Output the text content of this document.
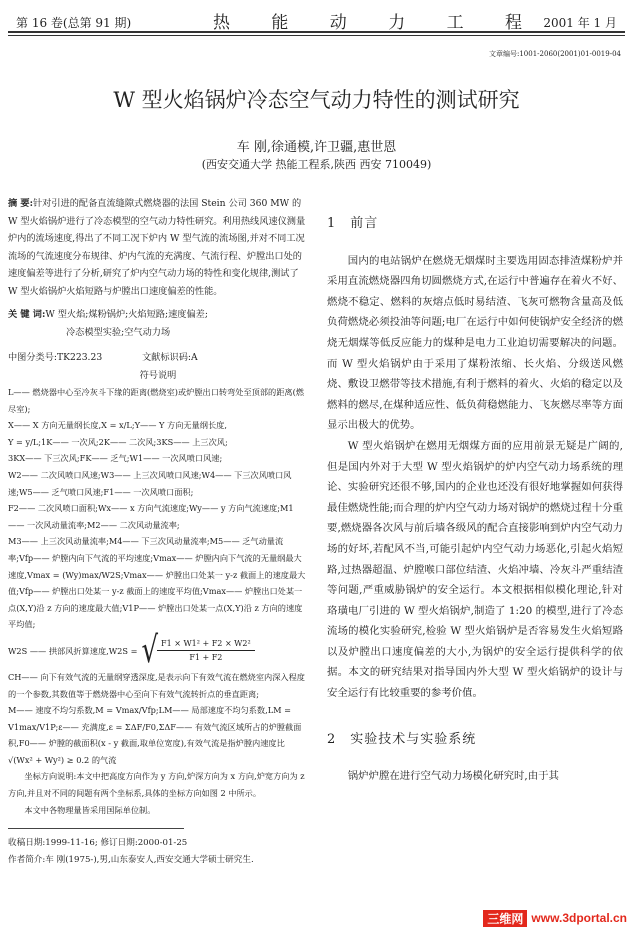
第 16 卷(总第 91 期)	热 能 动 力 工 程 2001 年 1 月
文章编号:1001-2060(2001)01-0019-04
W 型火焰锅炉冷态空气动力特性的测试研究
车 刚,徐通模,许卫疆,惠世恩
(西安交通大学 热能工程系,陕西 西安 710049)

摘 要:针对引进的配备直流缝隙式燃烧器的法国 Stein 公司 360 MW 的 W 型火焰锅炉进行了冷态模型的空气动力特性研究。利用热线风速仪测量炉内的流场速度,得出了不同工况下炉内 W 型气流的流场图,并对不同工况流场的气流速度分布规律、炉内气流的充满度、气流行程、炉膛出口处的速度偏差等进行了分析,研究了炉内空气动力场的特性和变化规律,测试了 W 型火焰锅炉火焰短路与炉膛出口速度偏差的性能。

关 键 词:W 型火焰;煤粉锅炉;火焰短路;速度偏差;
冷态模型实验;空气动力场
中图分类号:TK223.23	文献标识码:A
符号说明

L—— 燃烧器中心至冷灰斗下缘的距离(燃烧室)或炉膛出口转弯处至顶部的距离(燃尽室);

X—— X 方向无量纲长度,X = x/L;Y—— Y 方向无量纲长度,

Y = y/L;1K—— 一次风;2K—— 二次风;3KS—— 上三次风;

3KX—— 下三次风;FK—— 乏气;W1—— 一次风喷口风速;

W2—— 二次风喷口风速;W3—— 上三次风喷口风速;W4—— 下三次风喷口风速;W5—— 乏气喷口风速;F1—— 一次风喷口面积;

F2—— 二次风喷口面积;Wx—— x 方向气流速度;Wy—— y 方向气流速度;M1—— 一次风动量流率;M2—— 二次风动量流率;

M3—— 上三次风动量流率;M4—— 下三次风动量流率;M5—— 乏气动量流率;Vfp—— 炉膛内向下气流的平均速度;Vmax—— 炉膛内向下气流的无量纲最大速度,Vmax = (Wy)max/W2S;Vmax—— 炉膛出口处某一 y-z 截面上的速度最大值;Vfp—— 炉膛出口处某一 y-z 截面上的速度平均值;Vmax—— 炉膛出口处某一点(X,Y)沿 z 方向的速度最大值;V1P—— 炉膛出口处某一点(X,Y)沿 z 方向的速度平均值;

W2S —— 拱部风折算速度,W2S = √ $\frac{\text{F1 × W1² + F2 × W2²}}{F1 + F2}$

CH—— 向下有效气流的无量纲穿透深度,是表示向下有效气流在燃烧室内深入程度的一个参数,其数值等于燃烧器中心至向下有效气流转折点的垂直距离;

M—— 速度不均匀系数,M = Vmax/Vfp;LM—— 局部速度不均匀系数,LM = V1max/V1P;ε—— 充满度,ε = ΣΔF/F0,ΣΔF—— 有效气流区域所占的炉膛截面积,F0—— 炉膛的截面积(x - y 截面,取单位宽度),有效气流是指炉膛内速度比 √(Wx² + Wy²) ≥ 0.2 的气流

坐标方向说明:本文中把高度方向作为 y 方向,炉深方向为 x 方向,炉宽方向为 z 方向,并且对不同的间题有两个坐标系,具体的坐标方向如图 2 中所示。

本文中各物理量皆采用国际单位制。

收稿日期:1999-11-16; 修订日期:2000-01-25
作者简介:车 刚(1975-),男,山东泰安人,西安交通大学硕士研究生.
1 前言

国内的电站锅炉在燃烧无烟煤时主要选用固态排渣煤粉炉并采用直流燃烧器四角切圆燃烧方式,在运行中普遍存在着火不好、燃烧不稳定、燃料的灰熔点低时易结渣、飞灰可燃物含量高及低负荷燃烧必须投油等问题;电厂在运行中如何使锅炉安全经济的燃烧无烟煤等低反应能力的煤种是电力工业迫切需要解决的问题。而 W 型火焰锅炉由于采用了煤粉浓缩、长火焰、分级送风燃烧、敷设卫燃带等技术措施,有利于燃料的着火、火焰的稳定以及燃料的燃尽,在煤种适应性、低负荷稳燃能力、飞灰燃尽率等方面显示出极大的优势。

W 型火焰锅炉在燃用无烟煤方面的应用前景无疑是广阔的,但是国内外对于大型 W 型火焰锅炉的炉内空气动力场系统的理论、实验研究还很不够,国内的企业也还没有很好地掌握如何获得最佳燃烧性能;而合理的炉内空气动力场对锅炉的燃烧过程十分重要,燃烧器各次风与前后墙各级风的配合直接影响到炉内空气动力场的好坏,若配风不当,可能引起炉内空气动力场恶化,引起火焰短路,过热器超温、炉膛喉口部位结渣、火焰冲墙、冷灰斗严重结渣等问题,严重威胁锅炉的安全运行。本文根据相似模化理论,针对珞璜电厂引进的 W 型火焰锅炉,制造了 1:20 的模型,进行了冷态流场的模化实验研究,检验 W 型火焰锅炉是否容易发生火焰短路以及炉膛出口速度偏差的大小,为锅炉的安全运行提供科学的依据。本文的研究结果对指导国内外大型 W 型火焰锅炉的设计与安全运行有比较重要的参考价值。

2 实验技术与实验系统

锅炉炉膛在进行空气动力场模化研究时,由于其

三维网 www.3dportal.cn
